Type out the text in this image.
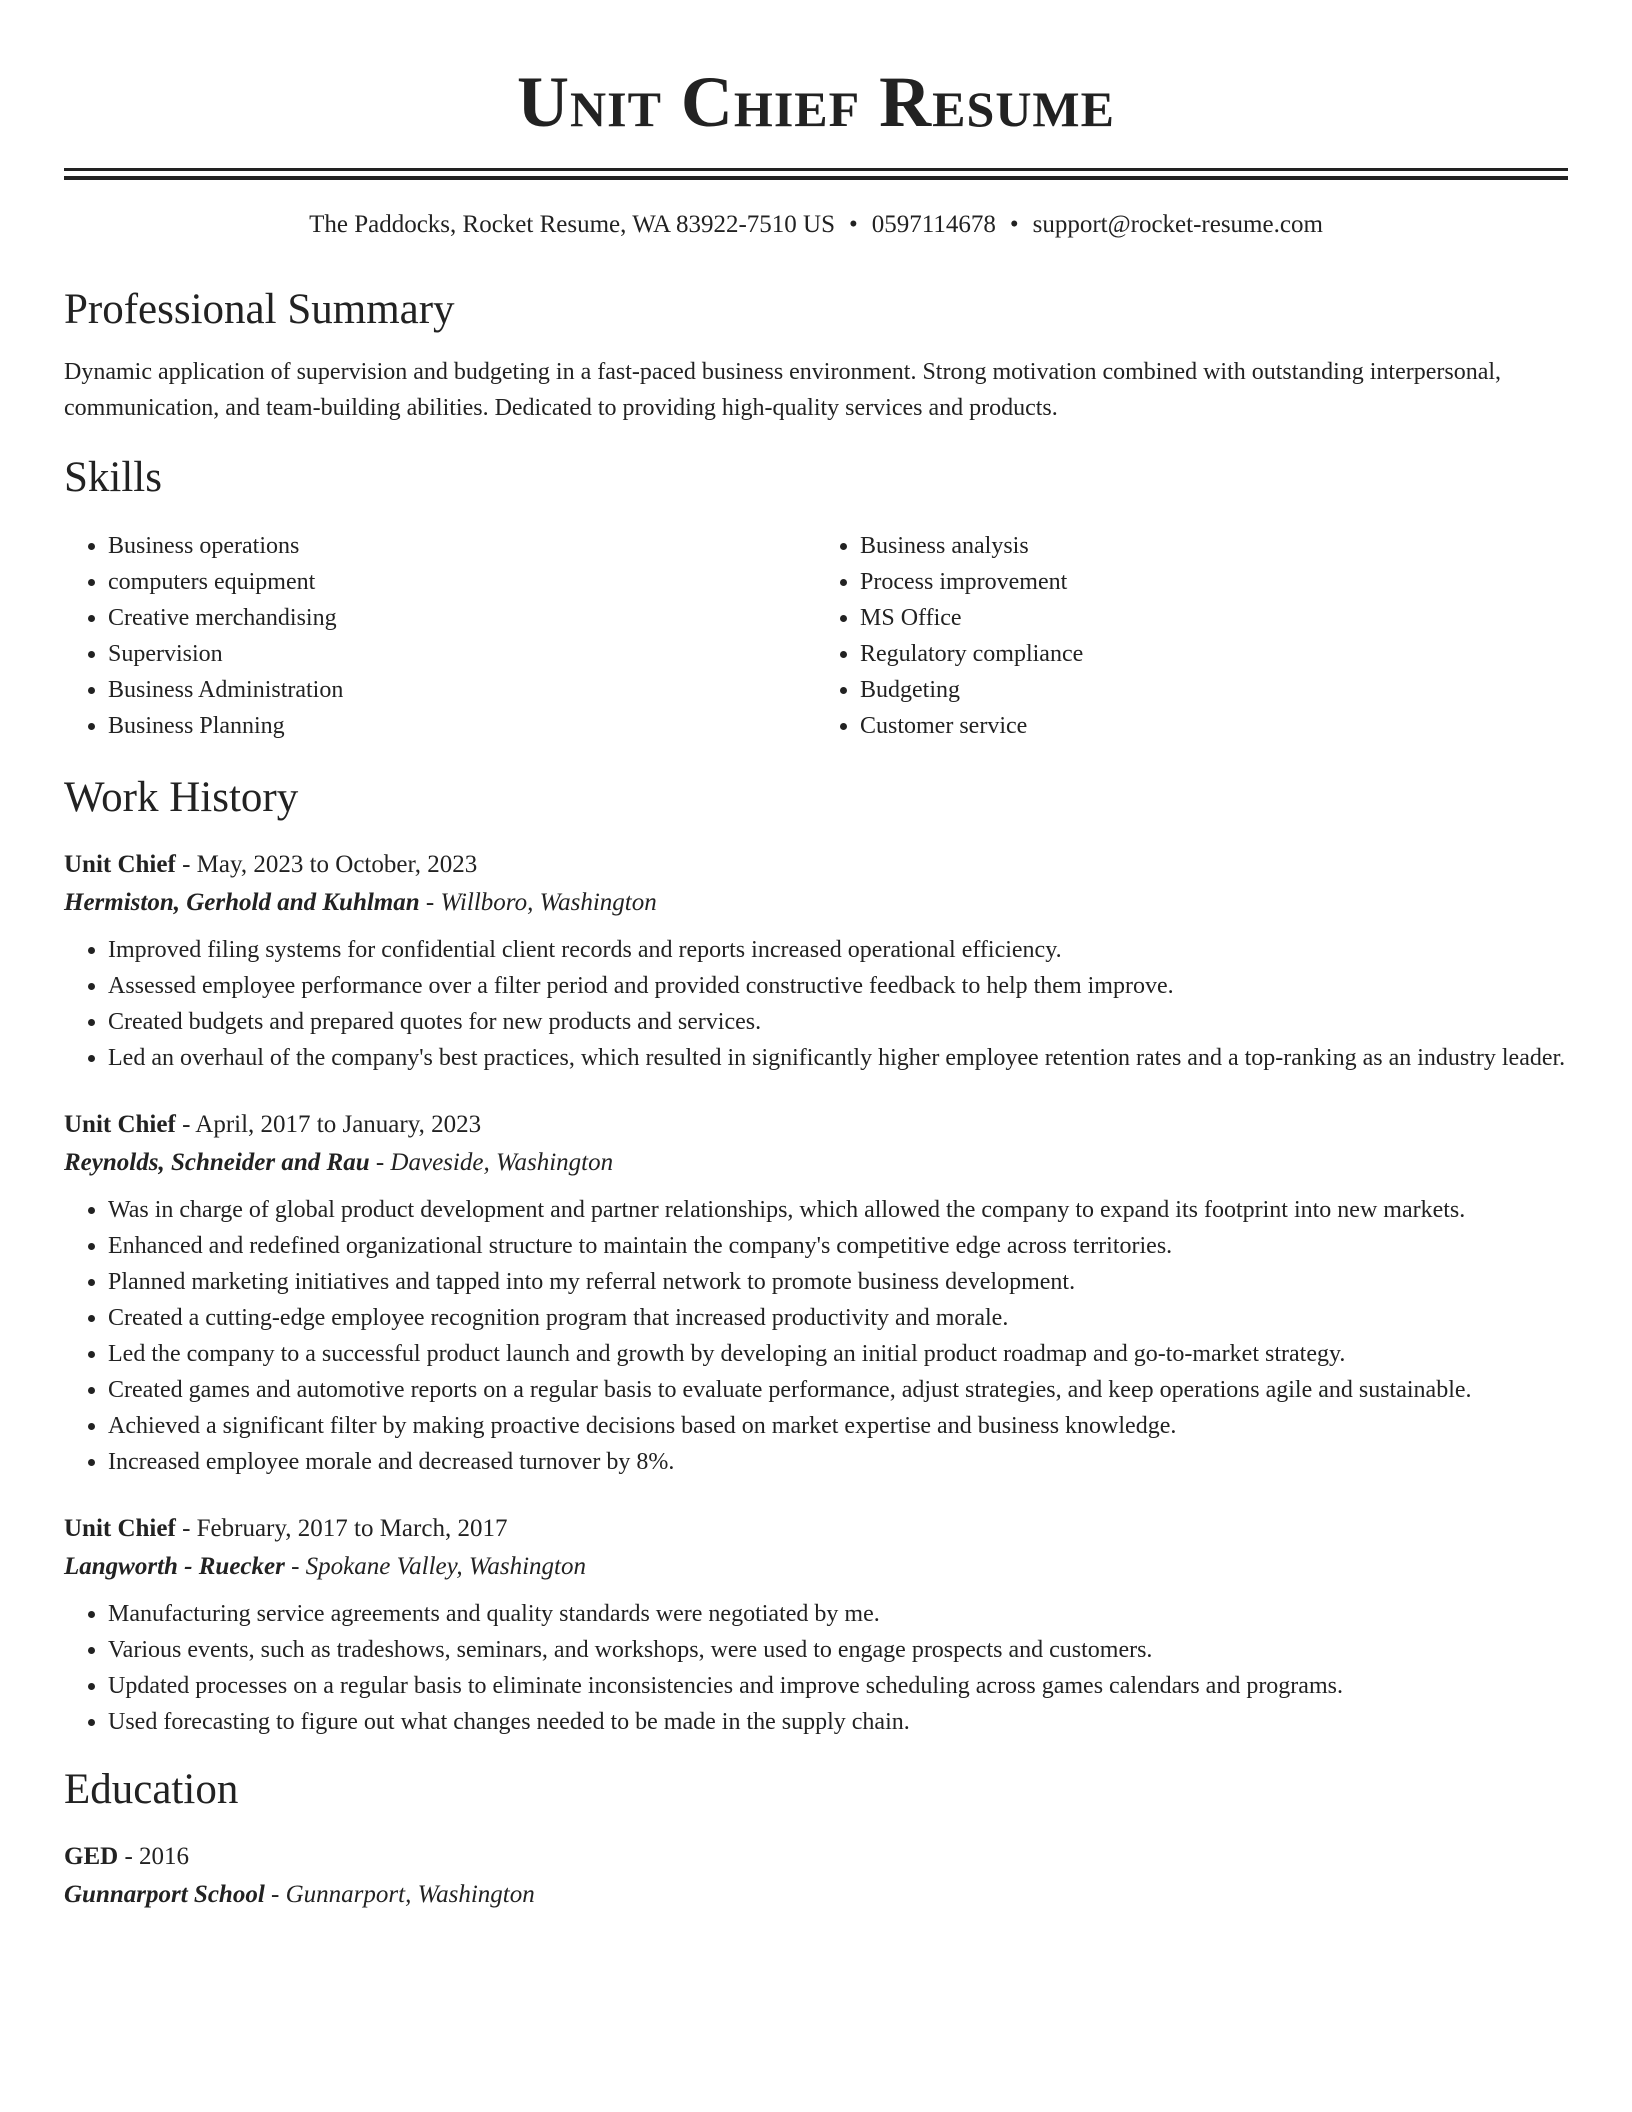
Unit Chief Resume
The Paddocks, Rocket Resume, WA 83922-7510 US • 0597114678 • support@rocket-resume.com
Professional Summary
Dynamic application of supervision and budgeting in a fast-paced business environment. Strong motivation combined with outstanding interpersonal, communication, and team-building abilities. Dedicated to providing high-quality services and products.
Skills
• Business operations
• computers equipment
• Creative merchandising
• Supervision
• Business Administration
• Business Planning
• Business analysis
• Process improvement
• MS Office
• Regulatory compliance
• Budgeting
• Customer service
Work History
Unit Chief - May, 2023 to October, 2023
Hermiston, Gerhold and Kuhlman - Willboro, Washington
• Improved filing systems for confidential client records and reports increased operational efficiency.
• Assessed employee performance over a filter period and provided constructive feedback to help them improve.
• Created budgets and prepared quotes for new products and services.
• Led an overhaul of the company's best practices, which resulted in significantly higher employee retention rates and a top-ranking as an industry leader.
Unit Chief - April, 2017 to January, 2023
Reynolds, Schneider and Rau - Daveside, Washington
• Was in charge of global product development and partner relationships, which allowed the company to expand its footprint into new markets.
• Enhanced and redefined organizational structure to maintain the company's competitive edge across territories.
• Planned marketing initiatives and tapped into my referral network to promote business development.
• Created a cutting-edge employee recognition program that increased productivity and morale.
• Led the company to a successful product launch and growth by developing an initial product roadmap and go-to-market strategy.
• Created games and automotive reports on a regular basis to evaluate performance, adjust strategies, and keep operations agile and sustainable.
• Achieved a significant filter by making proactive decisions based on market expertise and business knowledge.
• Increased employee morale and decreased turnover by 8%.
Unit Chief - February, 2017 to March, 2017
Langworth - Ruecker - Spokane Valley, Washington
• Manufacturing service agreements and quality standards were negotiated by me.
• Various events, such as tradeshows, seminars, and workshops, were used to engage prospects and customers.
• Updated processes on a regular basis to eliminate inconsistencies and improve scheduling across games calendars and programs.
• Used forecasting to figure out what changes needed to be made in the supply chain.
Education
GED - 2016
Gunnarport School - Gunnarport, Washington
